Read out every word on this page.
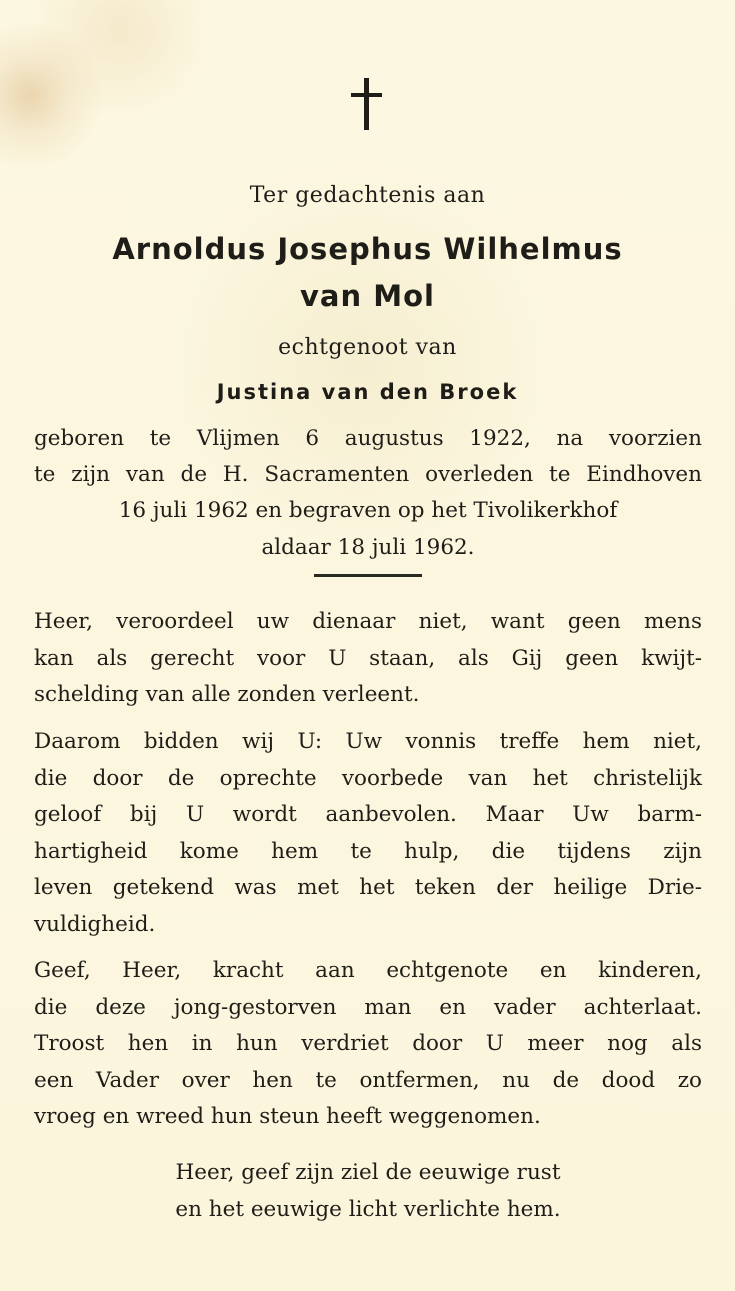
Ter gedachtenis aan
Arnoldus Josephus Wilhelmus
van Mol
echtgenoot van
Justina van den Broek
geboren te Vlijmen 6 augustus 1922, na voorzien
te zijn van de H. Sacramenten overleden te Eindhoven
16 juli 1962 en begraven op het Tivolikerkhof
aldaar 18 juli 1962.
Heer, veroordeel uw dienaar niet, want geen mens
kan als gerecht voor U staan, als Gij geen kwijt-
schelding van alle zonden verleent.
Daarom bidden wij U: Uw vonnis treffe hem niet,
die door de oprechte voorbede van het christelijk
geloof bij U wordt aanbevolen. Maar Uw barm-
hartigheid kome hem te hulp, die tijdens zijn
leven getekend was met het teken der heilige Drie-
vuldigheid.
Geef, Heer, kracht aan echtgenote en kinderen,
die deze jong-gestorven man en vader achterlaat.
Troost hen in hun verdriet door U meer nog als
een Vader over hen te ontfermen, nu de dood zo
vroeg en wreed hun steun heeft weggenomen.
Heer, geef zijn ziel de eeuwige rust
en het eeuwige licht verlichte hem.
